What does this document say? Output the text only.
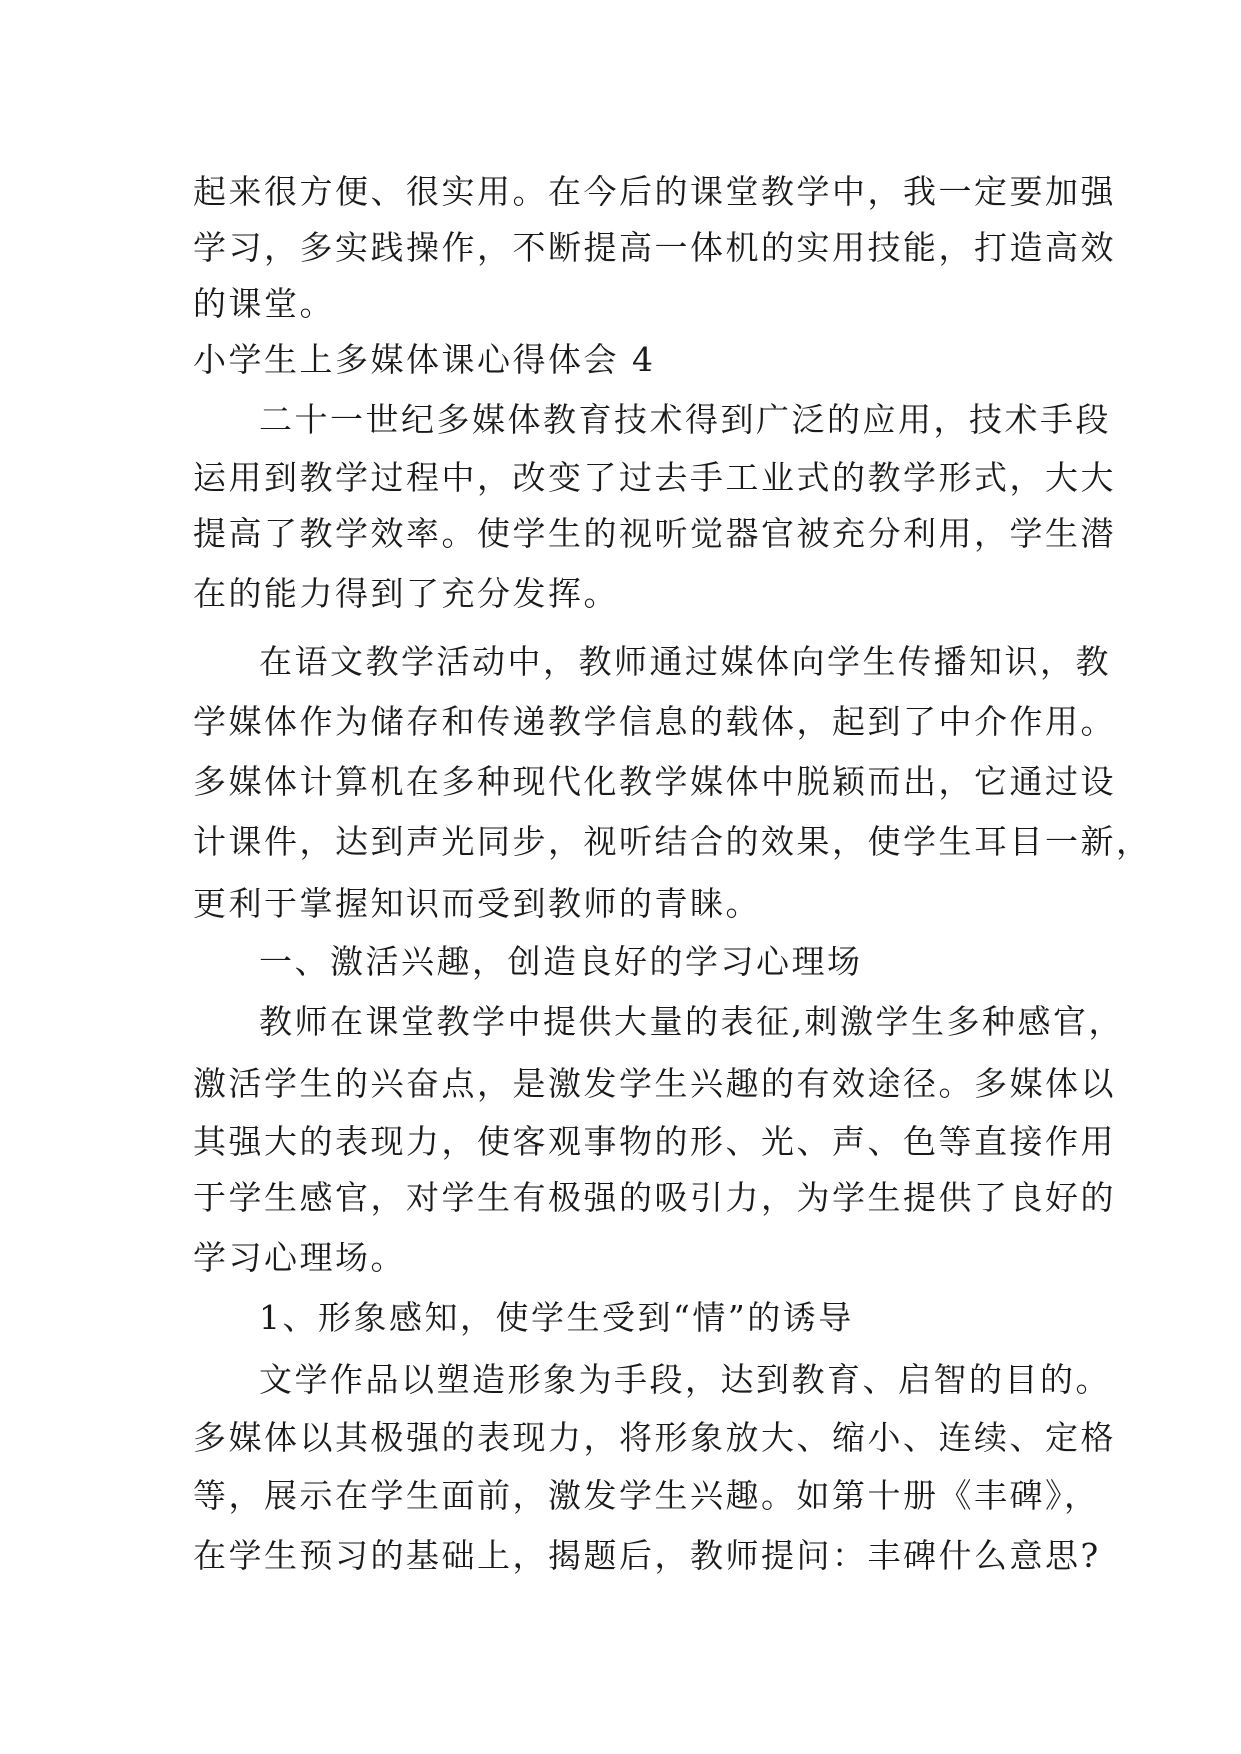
起来很方便、很实用。在今后的课堂教学中，我一定要加强
学习，多实践操作，不断提高一体机的实用技能，打造高效
的课堂。
小学生上多媒体课心得体会 4
二十一世纪多媒体教育技术得到广泛的应用，技术手段
运用到教学过程中，改变了过去手工业式的教学形式，大大
提高了教学效率。使学生的视听觉器官被充分利用，学生潜
在的能力得到了充分发挥。
在语文教学活动中，教师通过媒体向学生传播知识，教
学媒体作为储存和传递教学信息的载体，起到了中介作用。
多媒体计算机在多种现代化教学媒体中脱颖而出，它通过设
计课件，达到声光同步，视听结合的效果，使学生耳目一新，
更利于掌握知识而受到教师的青睐。
一、激活兴趣，创造良好的学习心理场
教师在课堂教学中提供大量的表征,刺激学生多种感官，
激活学生的兴奋点，是激发学生兴趣的有效途径。多媒体以
其强大的表现力，使客观事物的形、光、声、色等直接作用
于学生感官，对学生有极强的吸引力，为学生提供了良好的
学习心理场。
1、形象感知，使学生受到“情”的诱导
文学作品以塑造形象为手段，达到教育、启智的目的。
多媒体以其极强的表现力，将形象放大、缩小、连续、定格
等，展示在学生面前，激发学生兴趣。如第十册《丰碑》，
在学生预习的基础上，揭题后，教师提问：丰碑什么意思?
